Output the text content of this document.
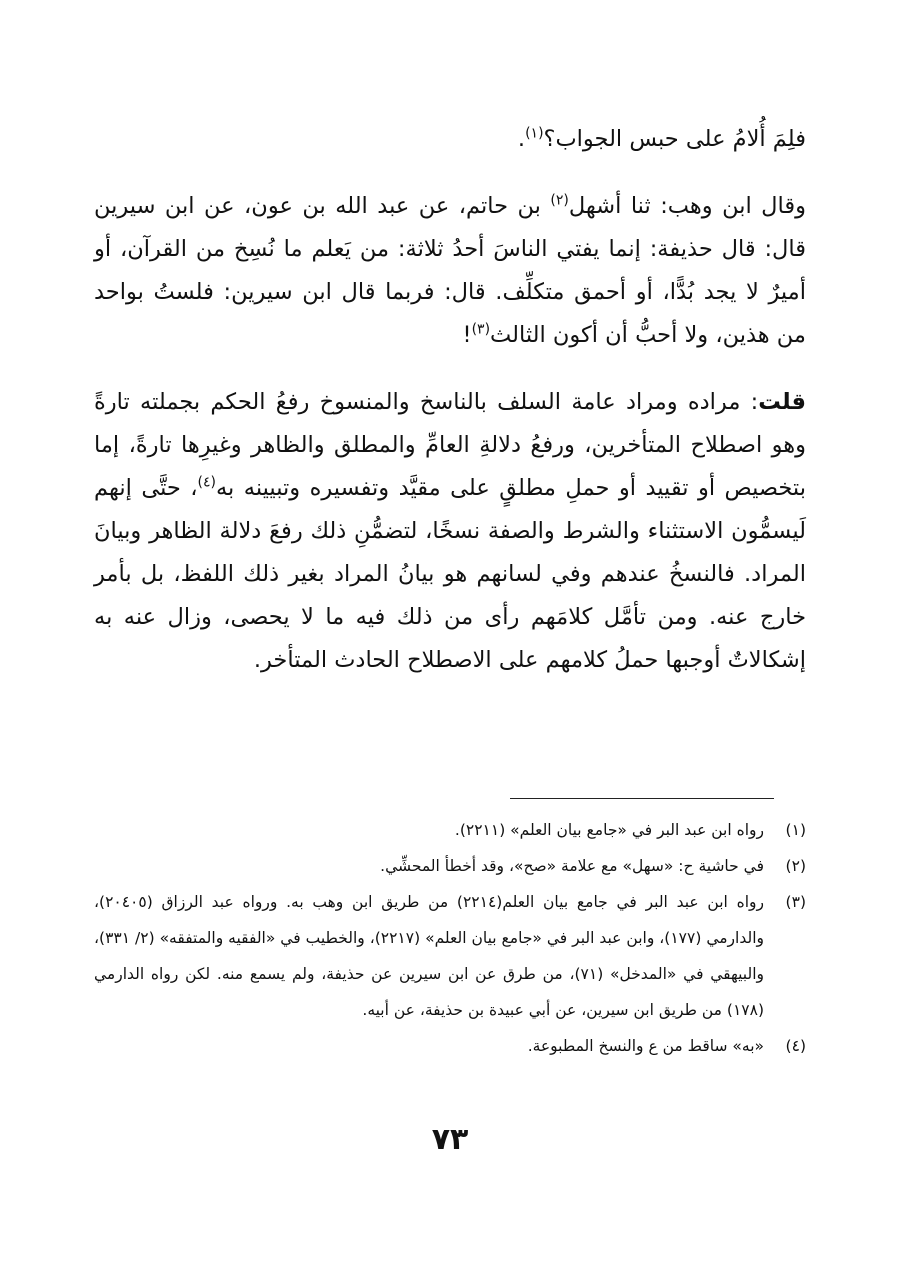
فلِمَ أُلامُ على حبس الجواب؟$^{(١)}$.

وقال ابن وهب: ثنا أشهل$^{(٢)}$ بن حاتم، عن عبد الله بن عون، عن ابن سيرين قال: قال حذيفة: إنما يفتي الناسَ أحدُ ثلاثة: من يَعلم ما نُسِخ من القرآن، أو أميرٌ لا يجد بُدًّا، أو أحمق متكلِّف. قال: فربما قال ابن سيرين: فلستُ بواحد من هذين، ولا أحبُّ أن أكون الثالث$^{(٣)}$!

قلت: مراده ومراد عامة السلف بالناسخ والمنسوخ رفعُ الحكم بجملته تارةً وهو اصطلاح المتأخرين، ورفعُ دلالةِ العامِّ والمطلق والظاهر وغيرِها تارةً، إما بتخصيص أو تقييد أو حملِ مطلقٍ على مقيَّد وتفسيره وتبيينه به$^{(٤)}$، حتَّى إنهم لَيسمُّون الاستثناء والشرط والصفة نسخًا، لتضمُّنِ ذلك رفعَ دلالة الظاهر وبيانَ المراد. فالنسخُ عندهم وفي لسانهم هو بيانُ المراد بغير ذلك اللفظ، بل بأمر خارج عنه. ومن تأمَّل كلامَهم رأى من ذلك فيه ما لا يحصى، وزال عنه به إشكالاتٌ أوجبها حملُ كلامهم على الاصطلاح الحادث المتأخر.

(١)
رواه ابن عبد البر في «جامع بيان العلم» (٢٢١١).
(٢)
في حاشية ح: «سهل» مع علامة «صح»، وقد أخطأ المحشِّي.
(٣)
رواه ابن عبد البر في جامع بيان العلم(٢٢١٤) من طريق ابن وهب به. ورواه عبد الرزاق (٢٠٤٠٥)، والدارمي (١٧٧)، وابن عبد البر في «جامع بيان العلم» (٢٢١٧)، والخطيب في «الفقيه والمتفقه» (٢/ ٣٣١)، والبيهقي في «المدخل» (٧١)، من طرق عن ابن سيرين عن حذيفة، ولم يسمع منه. لكن رواه الدارمي (١٧٨) من طريق ابن سيرين، عن أبي عبيدة بن حذيفة، عن أبيه.
(٤)
«به» ساقط من ع والنسخ المطبوعة.
٧٣
